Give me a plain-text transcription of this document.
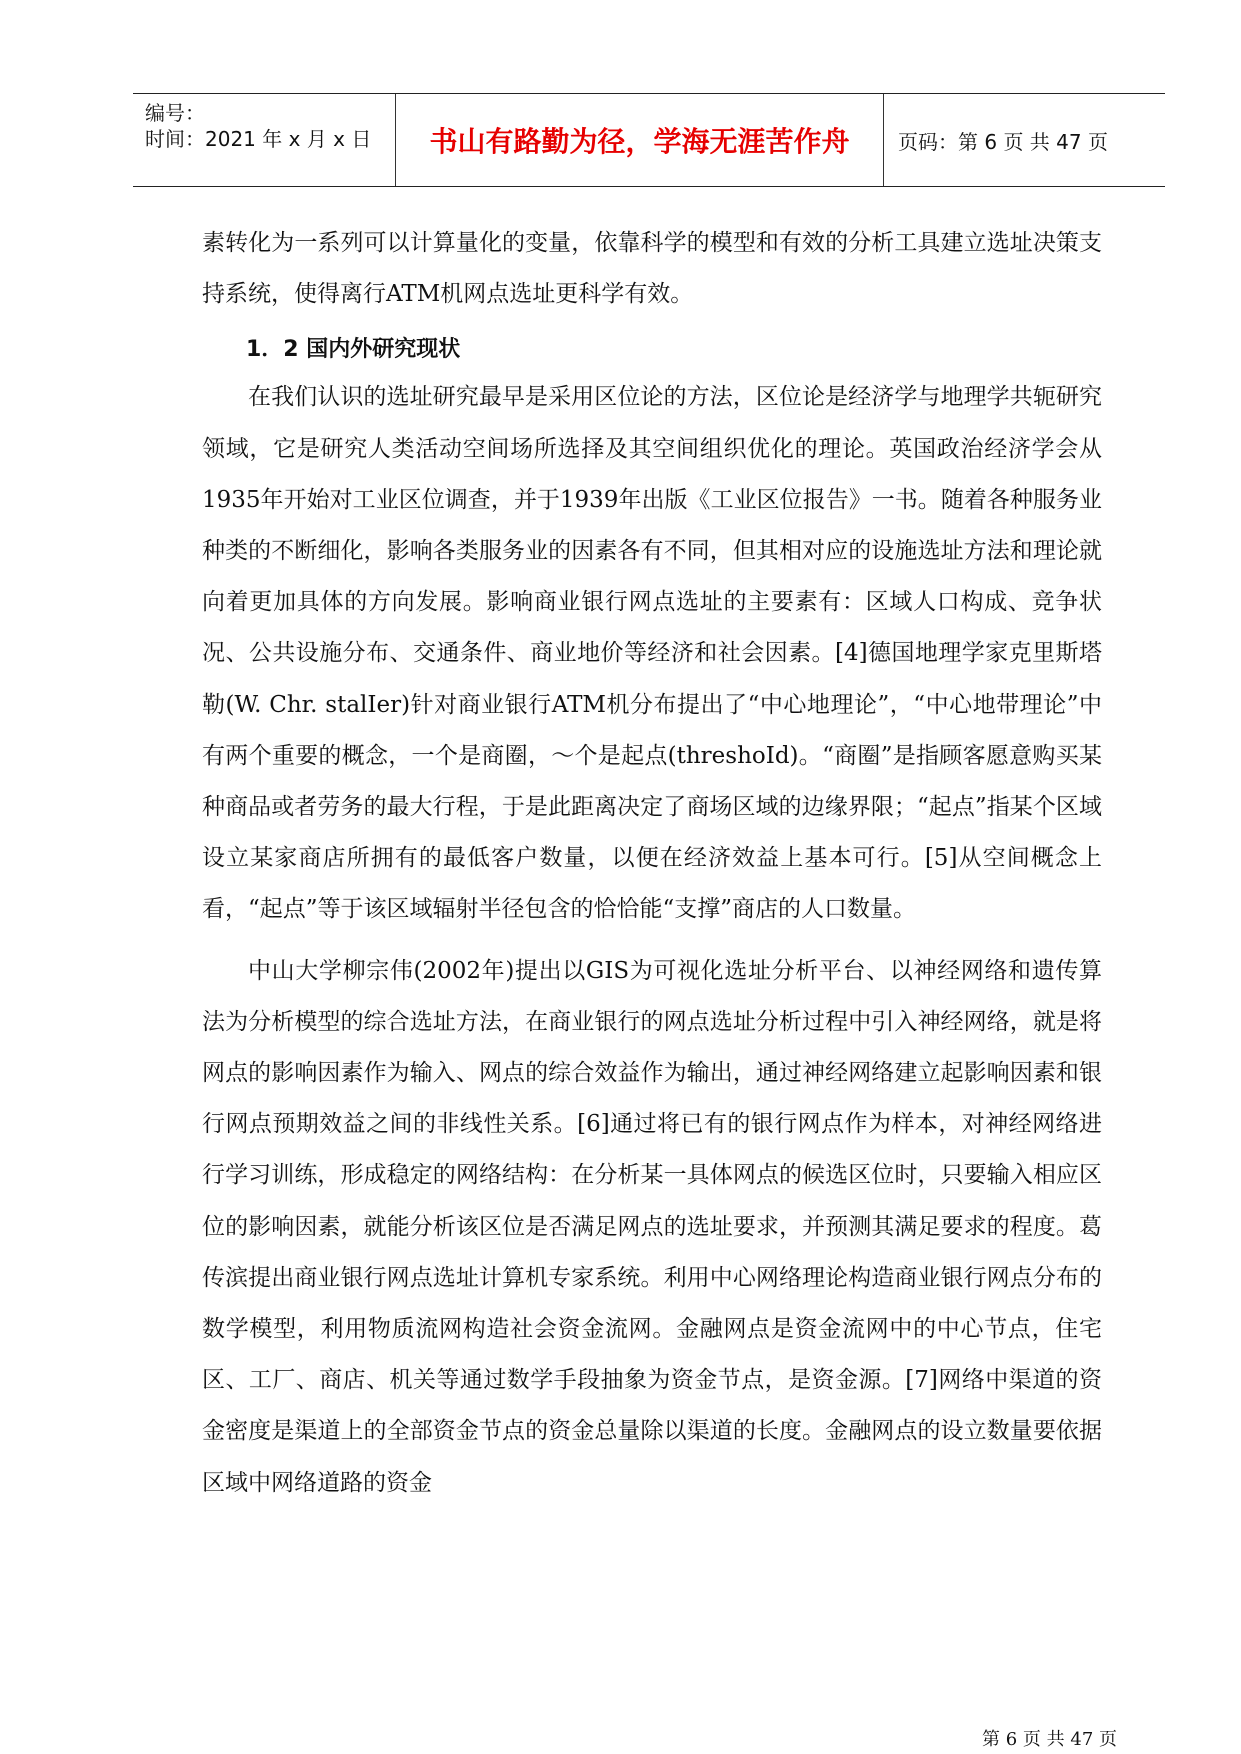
编号：
时间：2021 年 x 月 x 日	书山有路勤为径，学海无涯苦作舟	页码：第 6 页 共 47 页

素转化为一系列可以计算量化的变量，依靠科学的模型和有效的分析工具建立选址决策支持系统，使得离行ATM机网点选址更科学有效。

1．2 国内外研究现状

在我们认识的选址研究最早是采用区位论的方法，区位论是经济学与地理学共轭研究领域，它是研究人类活动空间场所选择及其空间组织优化的理论。英国政治经济学会从1935年开始对工业区位调查，并于1939年出版《工业区位报告》一书。随着各种服务业种类的不断细化，影响各类服务业的因素各有不同，但其相对应的设施选址方法和理论就向着更加具体的方向发展。影响商业银行网点选址的主要素有：区域人口构成、竞争状况、公共设施分布、交通条件、商业地价等经济和社会因素。[4]德国地理学家克里斯塔勒(W. Chr. stalIer)针对商业银行ATM机分布提出了“中心地理论”，“中心地带理论”中有两个重要的概念，一个是商圈，～个是起点(threshoId)。“商圈”是指顾客愿意购买某种商品或者劳务的最大行程，于是此距离决定了商场区域的边缘界限；“起点”指某个区域设立某家商店所拥有的最低客户数量，以便在经济效益上基本可行。[5]从空间概念上看，“起点”等于该区域辐射半径包含的恰恰能“支撑”商店的人口数量。

中山大学柳宗伟(2002年)提出以GIS为可视化选址分析平台、以神经网络和遗传算法为分析模型的综合选址方法，在商业银行的网点选址分析过程中引入神经网络，就是将网点的影响因素作为输入、网点的综合效益作为输出，通过神经网络建立起影响因素和银行网点预期效益之间的非线性关系。[6]通过将已有的银行网点作为样本，对神经网络进行学习训练，形成稳定的网络结构：在分析某一具体网点的候选区位时，只要输入相应区位的影响因素，就能分析该区位是否满足网点的选址要求，并预测其满足要求的程度。葛传滨提出商业银行网点选址计算机专家系统。利用中心网络理论构造商业银行网点分布的数学模型，利用物质流网构造社会资金流网。金融网点是资金流网中的中心节点，住宅区、工厂、商店、机关等通过数学手段抽象为资金节点，是资金源。[7]网络中渠道的资金密度是渠道上的全部资金节点的资金总量除以渠道的长度。金融网点的设立数量要依据区域中网络道路的资金

第 6 页 共 47 页
